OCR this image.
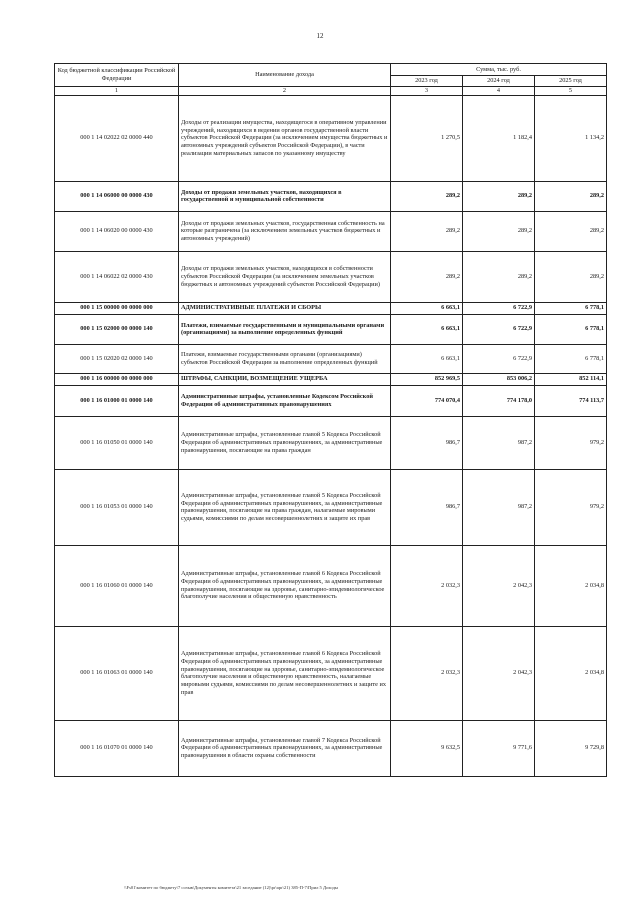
12
Код бюджетной классификации Российской Федерации	Наименование дохода	Сумма, тыс. руб.		
		2023 год	2024 год	2025 год
1	2	3	4	5
000 1 14 02022 02 0000 440	Доходы от реализации имущества, находящегося в оперативном управлении учреждений, находящихся в ведении органов государственной власти субъектов Российской Федерации (за исключением имущества бюджетных и автономных учреждений субъектов Российской Федерации), в части реализации материальных запасов по указанному имуществу	1 270,5	1 182,4	1 134,2
000 1 14 06000 00 0000 430	Доходы от продажи земельных участков, находящихся в государственной и муниципальной собственности	289,2	289,2	289,2
000 1 14 06020 00 0000 430	Доходы от продажи земельных участков, государственная собственность на которые разграничена (за исключением земельных участков бюджетных и автономных учреждений)	289,2	289,2	289,2
000 1 14 06022 02 0000 430	Доходы от продажи земельных участков, находящихся в собственности субъектов Российской Федерации (за исключением земельных участков бюджетных и автономных учреждений субъектов Российской Федерации)	289,2	289,2	289,2
000 1 15 00000 00 0000 000	АДМИНИСТРАТИВНЫЕ ПЛАТЕЖИ И СБОРЫ	6 663,1	6 722,9	6 778,1
000 1 15 02000 00 0000 140	Платежи, взимаемые государственными и муниципальными органами (организациями) за выполнение определенных функций	6 663,1	6 722,9	6 778,1
000 1 15 02020 02 0000 140	Платежи, взимаемые государственными органами (организациями) субъектов Российской Федерации за выполнение определенных функций	6 663,1	6 722,9	6 778,1
000 1 16 00000 00 0000 000	ШТРАФЫ, САНКЦИИ, ВОЗМЕЩЕНИЕ УЩЕРБА	852 969,5	853 006,2	852 114,1
000 1 16 01000 01 0000 140	Административные штрафы, установленные Кодексом Российской Федерации об административных правонарушениях	774 070,4	774 178,0	774 113,7
000 1 16 01050 01 0000 140	Административные штрафы, установленные главой 5 Кодекса Российской Федерации об административных правонарушениях, за административные правонарушения, посягающие на права граждан	986,7	987,2	979,2
000 1 16 01053 01 0000 140	Административные штрафы, установленные главой 5 Кодекса Российской Федерации об административных правонарушениях, за административные правонарушения, посягающие на права граждан, налагаемые мировыми судьями, комиссиями по делам несовершеннолетних и защите их прав	986,7	987,2	979,2
000 1 16 01060 01 0000 140	Административные штрафы, установленные главой 6 Кодекса Российской Федерации об административных правонарушениях, за административные правонарушения, посягающие на здоровье, санитарно-эпидемиологическое благополучие населения и общественную нравственность	2 032,3	2 042,3	2 034,8
000 1 16 01063 01 0000 140	Административные штрафы, установленные главой 6 Кодекса Российской Федерации об административных правонарушениях, за административные правонарушения, посягающие на здоровье, санитарно-эпидемиологическое благополучие населения и общественную нравственность, налагаемые мировыми судьями, комиссиями по делам несовершеннолетних и защите их прав	2 032,3	2 042,3	2 034,8
000 1 16 01070 01 0000 140	Административные штрафы, установленные главой 7 Кодекса Российской Федерации об административных правонарушениях, за административные правонарушения в области охраны собственности	9 632,5	9 771,6	9 729,8
\\Fs01\комитет по бюджету\7 созыв\Документы комитета\21 заседание (12)\pr\apr\21) 385-П-7\Прил 5 Доходы
